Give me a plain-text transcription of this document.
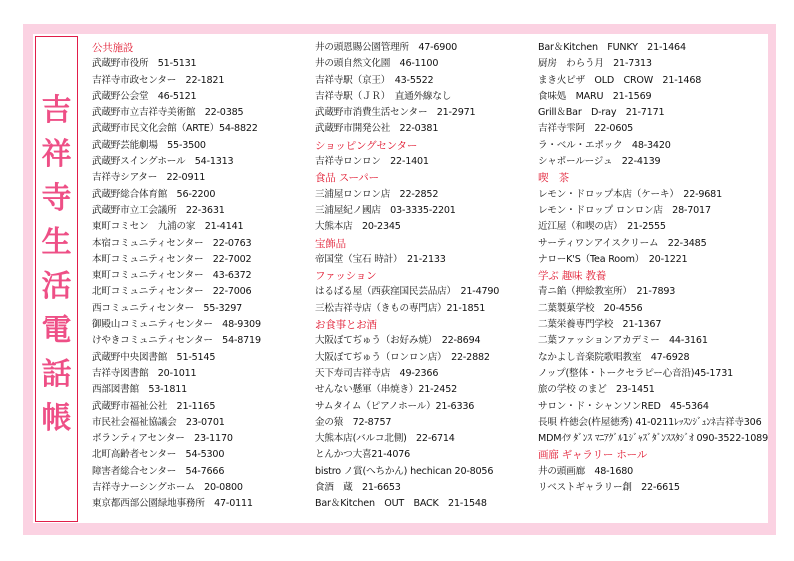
吉
祥
寺
生
活
電
話
帳
公共施設
武蔵野市役所　51-5131
吉祥寺市政センター　22-1821
武蔵野公会堂　46-5121
武蔵野市立吉祥寺美術館　22-0385
武蔵野市民文化会館（ARTE）54-8822
武蔵野芸能劇場　55-3500
武蔵野スイングホール　54-1313
吉祥寺シアター　22-0911
武蔵野総合体育館　56-2200
武蔵野市立工会議所　22-3631
東町コミセン　九浦の家　21-4141
本宿コミュニティセンター　22-0763
本町コミュニティセンター　22-7002
東町コミュニティセンター　43-6372
北町コミュニティセンター　22-7006
西コミュニティセンター　55-3297
御殿山コミュニティセンター　48-9309
けやきコミュニティセンター　54-8719
武蔵野中央図書館　51-5145
吉祥寺図書館　20-1011
西部図書館　53-1811
武蔵野市福祉公社　21-1165
市民社会福祉協議会　23-0701
ボランティアセンター　23-1170
北町高齢者センター　54-5300
障害者総合センター　54-7666
吉祥寺ナーシングホーム　20-0800
東京都西部公園緑地事務所　47-0111
井の頭恩賜公園管理所　47-6900
井の頭自然文化園　46-1100
吉祥寺駅（京王）　43-5522
吉祥寺駅（ＪＲ）　直通外線なし
武蔵野市消費生活センター　21-2971
武蔵野市開発公社　22-0381
ショッピングセンター
吉祥寺ロンロン　22-1401
食品 スーパー
三浦屋ロンロン店　22-2852
三浦屋紀ノ國店　03-3335-2201
大熊本店　20-2345
宝飾品
帝国堂（宝石 時計）　21-2133
ファッション
はるばる屋（西荻窪国民芸品店）　21-4790
三松吉祥寺店（きもの専門店）21-1851
お食事とお酒
大阪ぼてぢゅう（お好み焼）　22-8694
大阪ぼてぢゅう（ロンロン店）　22-2882
天下寿司吉祥寺店　49-2366
せんない懸軍（串焼き）21-2452
サムタイム（ピアノホール）21-6336
金の猿　72-8757
大熊本店(バルコ北側)　22-6714
とんかつ大喜21-4076
bistro ノ賞(へちかん) hechican 20-8056
食酒　蔵　21-6653
Bar＆Kitchen　OUT　BACK　21-1548
Bar＆Kitchen　FUNKY　21-1464
厨房　わらう月　21-7313
まき火ピザ　OLD　CROW　21-1468
食味処　MARU　21-1569
Grill＆Bar　D-ray　21-7171
吉祥寺雫阿　22-0605
ラ・ベル・エポック　48-3420
シャポールージュ　22-4139
喫　茶
レモン・ドロップ本店（ケーキ）　22-9681
レモン・ドロップ ロンロン店　28-7017
近江屋（和喫の店）　21-2555
サーティワンアイスクリーム　22-3485
ナローK'S（Tea Room）　20-1221
学ぶ 趣味 教養
青ニ餡（押絵教室所）　21-7893
二葉製菓学校　20-4556
二葉栄養専門学校　21-1367
二葉ファッションアカデミー　44-3161
なかよし音楽院歌唱教室　47-6928
ノップ(整体・トークセラピー心音沿)45-1731
旅の学校 のまど　23-1451
サロン・ド・シャンソンRED　45-5364
長唄 杵徳会(杵屋徳秀) 41-0211ﾚｯｽﾝｼﾞｭﾝﾈ吉祥寺306
MDMｲﾂ ﾀﾞﾝｽ ﾏﾆｱｸﾞﾙ1ｼﾞｬｽﾞﾀﾞﾝｽｽﾀｼﾞｵ 090-3522-1089
画廊 ギャラリー ホール
井の頭画廊　48-1680
リベストギャラリー創　22-6615
